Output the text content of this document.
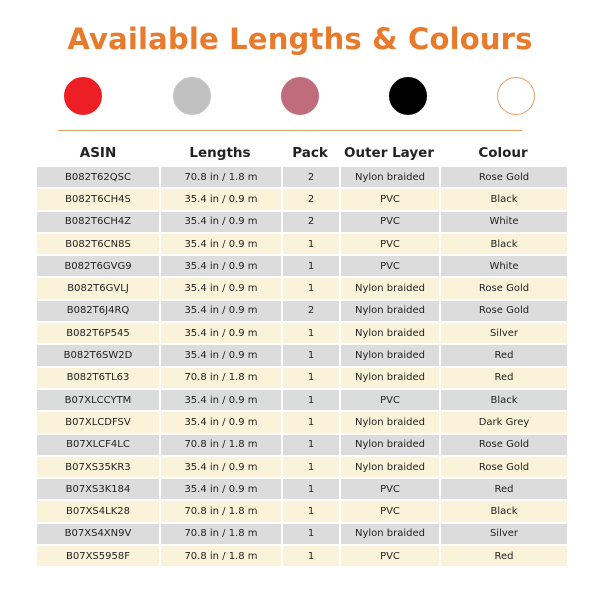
Available Lengths & Colours
ASIN	Lengths	Pack	Outer Layer	Colour
B082T62QSC	70.8 in / 1.8 m	2	Nylon braided	Rose Gold
B082T6CH4S	35.4 in / 0.9 m	2	PVC	Black
B082T6CH4Z	35.4 in / 0.9 m	2	PVC	White
B082T6CN8S	35.4 in / 0.9 m	1	PVC	Black
B082T6GVG9	35.4 in / 0.9 m	1	PVC	White
B082T6GVLJ	35.4 in / 0.9 m	1	Nylon braided	Rose Gold
B082T6J4RQ	35.4 in / 0.9 m	2	Nylon braided	Rose Gold
B082T6P545	35.4 in / 0.9 m	1	Nylon braided	Silver
B082T6SW2D	35.4 in / 0.9 m	1	Nylon braided	Red
B082T6TL63	70.8 in / 1.8 m	1	Nylon braided	Red
B07XLCCYTM	35.4 in / 0.9 m	1	PVC	Black
B07XLCDFSV	35.4 in / 0.9 m	1	Nylon braided	Dark Grey
B07XLCF4LC	70.8 in / 1.8 m	1	Nylon braided	Rose Gold
B07XS35KR3	35.4 in / 0.9 m	1	Nylon braided	Rose Gold
B07XS3K184	35.4 in / 0.9 m	1	PVC	Red
B07XS4LK28	70.8 in / 1.8 m	1	PVC	Black
B07XS4XN9V	70.8 in / 1.8 m	1	Nylon braided	Silver
B07XS5958F	70.8 in / 1.8 m	1	PVC	Red
